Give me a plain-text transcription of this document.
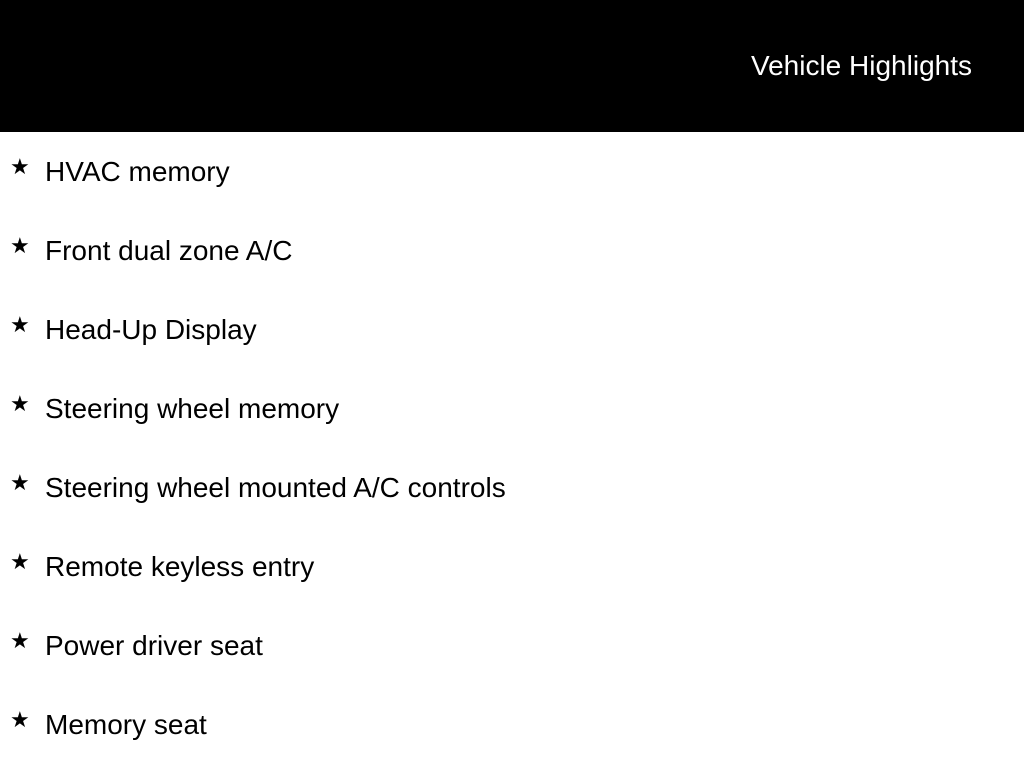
Vehicle Highlights
★ HVAC memory
★ Front dual zone A/C
★ Head-Up Display
★ Steering wheel memory
★ Steering wheel mounted A/C controls
★ Remote keyless entry
★ Power driver seat
★ Memory seat
